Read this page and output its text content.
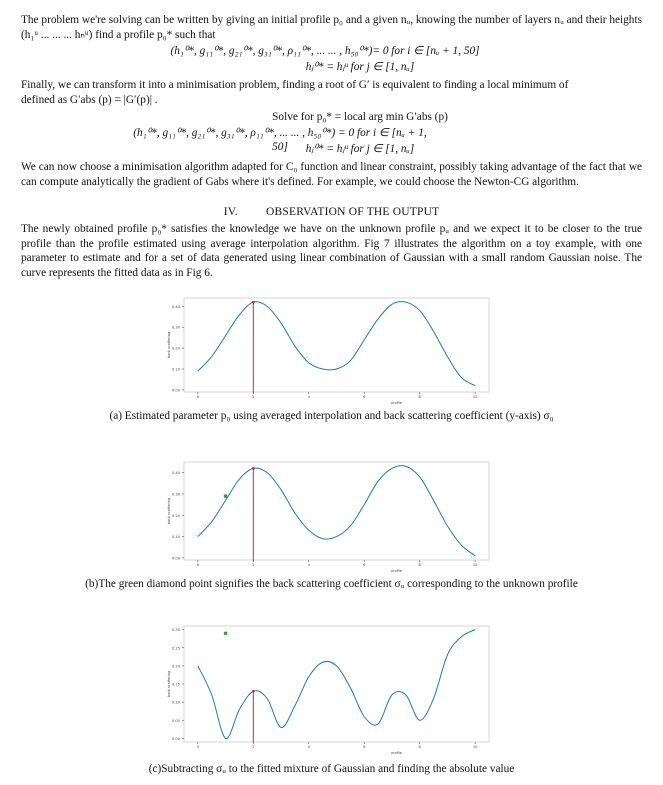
The problem we're solving can be written by giving an initial profile p₀ and a given nᵤ, knowing the number of layers nᵤ and their heights (h₁ᵘ ... ... ... hₙᵘ) find a profile p₀* such that
(h₁⁰*, g₁₁⁰*, g₂₁⁰*, g₃₁⁰*, ρ₁₁⁰*, ... ... , h₅₀⁰*)= 0 for i ∈ [nᵤ + 1, 50]
hⱼ⁰* = hⱼᵘ for j ∈ [1, nᵤ]
Finally, we can transform it into a minimisation problem, finding a root of G′ is equivalent to finding a local minimum of
defined as G′abs (p) = |G′(p)| .
Solve for p₀* = local arg min G′abs (p)
(h₁⁰*, g₁₁⁰*, g₂₁⁰*, g₃₁⁰*, ρ₁₁⁰*, ... ... , h₅₀⁰*) = 0 for i ∈ [nᵤ + 1, 50]	hⱼ⁰* = hⱼᵘ for j ∈ [1, nᵤ]
We can now choose a minimisation algorithm adapted for C₀ function and linear constraint, possibly taking advantage of the fact that we can compute analytically the gradient of Gabs where it's defined. For example, we could choose the Newton-CG algorithm.
IV. OBSERVATION OF THE OUTPUT
The newly obtained profile p₀* satisfies the knowledge we have on the unknown profile pᵤ and we expect it to be closer to the true profile than the profile estimated using average interpolation algorithm. Fig 7 illustrates the algorithm on a toy example, with one parameter to estimate and for a set of data generated using linear combination of Gaussian with a small random Gaussian noise. The curve represents the fitted data as in Fig 6.
0.00
0.10
0.20
0.30
0.40
0	2	4	6	8	10
profile
back scattering
(a) Estimated parameter p₀ using averaged interpolation and back scattering coefficient (y-axis) σ₀
0.00
0.10
0.20
0.30
0.40
0	2	4	6	8	10
profile
back scattering
(b)The green diamond point signifies the back scattering coefficient σᵤ corresponding to the unknown profile
0.00
0.05
0.10
0.15
0.20
0.25
0.30
0	2	4	6	8	10
profile
back scattering
(c)Subtracting σᵤ to the fitted mixture of Gaussian and finding the absolute value
